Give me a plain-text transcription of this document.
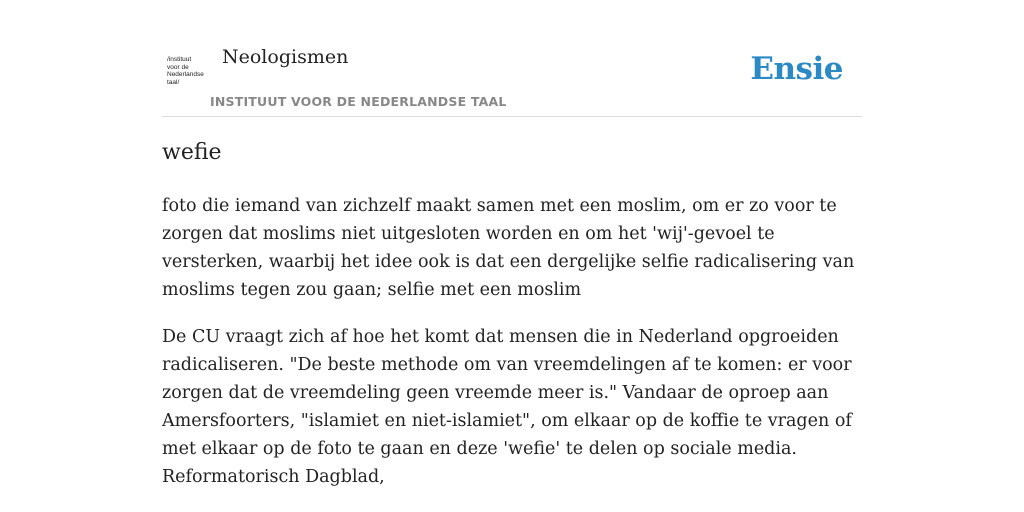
/instituut
voor de
Nederlandse
taal/
Neologismen
INSTITUUT VOOR DE NEDERLANDSE TAAL
Ensie
wefie

foto die iemand van zichzelf maakt samen met een moslim, om er zo voor te zorgen dat moslims niet uitgesloten worden en om het 'wij'-gevoel te versterken, waarbij het idee ook is dat een dergelijke selfie radicalisering van moslims tegen zou gaan; selfie met een moslim

De CU vraagt zich af hoe het komt dat mensen die in Nederland opgroeiden radicaliseren. "De beste methode om van vreemdelingen af te komen: er voor zorgen dat de vreemdeling geen vreemde meer is." Vandaar de oproep aan Amersfoorters, "islamiet en niet-islamiet", om elkaar op de koffie te vragen of met elkaar op de foto te gaan en deze 'wefie' te delen op sociale media.
Reformatorisch Dagblad,
